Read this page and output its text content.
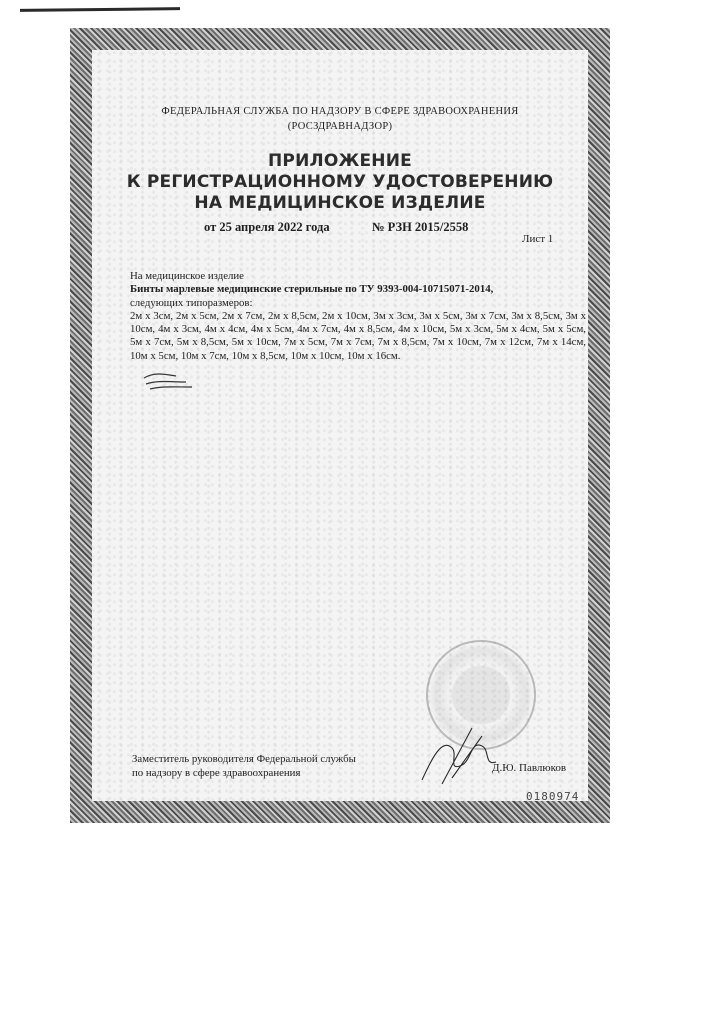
ФЕДЕРАЛЬНАЯ СЛУЖБА ПО НАДЗОРУ В СФЕРЕ ЗДРАВООХРАНЕНИЯ
(РОСЗДРАВНАДЗОР)
ПРИЛОЖЕНИЕ
К РЕГИСТРАЦИОННОМУ УДОСТОВЕРЕНИЮ
НА МЕДИЦИНСКОЕ ИЗДЕЛИЕ
от 25 апреля 2022 года	№ РЗН 2015/2558
Лист 1

На медицинское изделие

Бинты марлевые медицинские стерильные по ТУ 9393-004-10715071-2014,

следующих типоразмеров:

2м х 3см, 2м х 5см, 2м х 7см, 2м х 8,5см, 2м х 10см, 3м х 3см, 3м х 5см, 3м х 7см, 3м х 8,5см, 3м х 10см, 4м х 3см, 4м х 4см, 4м х 5см, 4м х 7см, 4м х 8,5см, 4м х 10см, 5м х 3см, 5м х 4см, 5м х 5см, 5м х 7см, 5м х 8,5см, 5м х 10см, 7м х 5см, 7м х 7см, 7м х 8,5см, 7м х 10см, 7м х 12см, 7м х 14см, 10м х 5см, 10м х 7см, 10м х 8,5см, 10м х 10см, 10м х 16см.

Заместитель руководителя Федеральной службы
по надзору в сфере здравоохранения	Д.Ю. Павлюков
0180974
